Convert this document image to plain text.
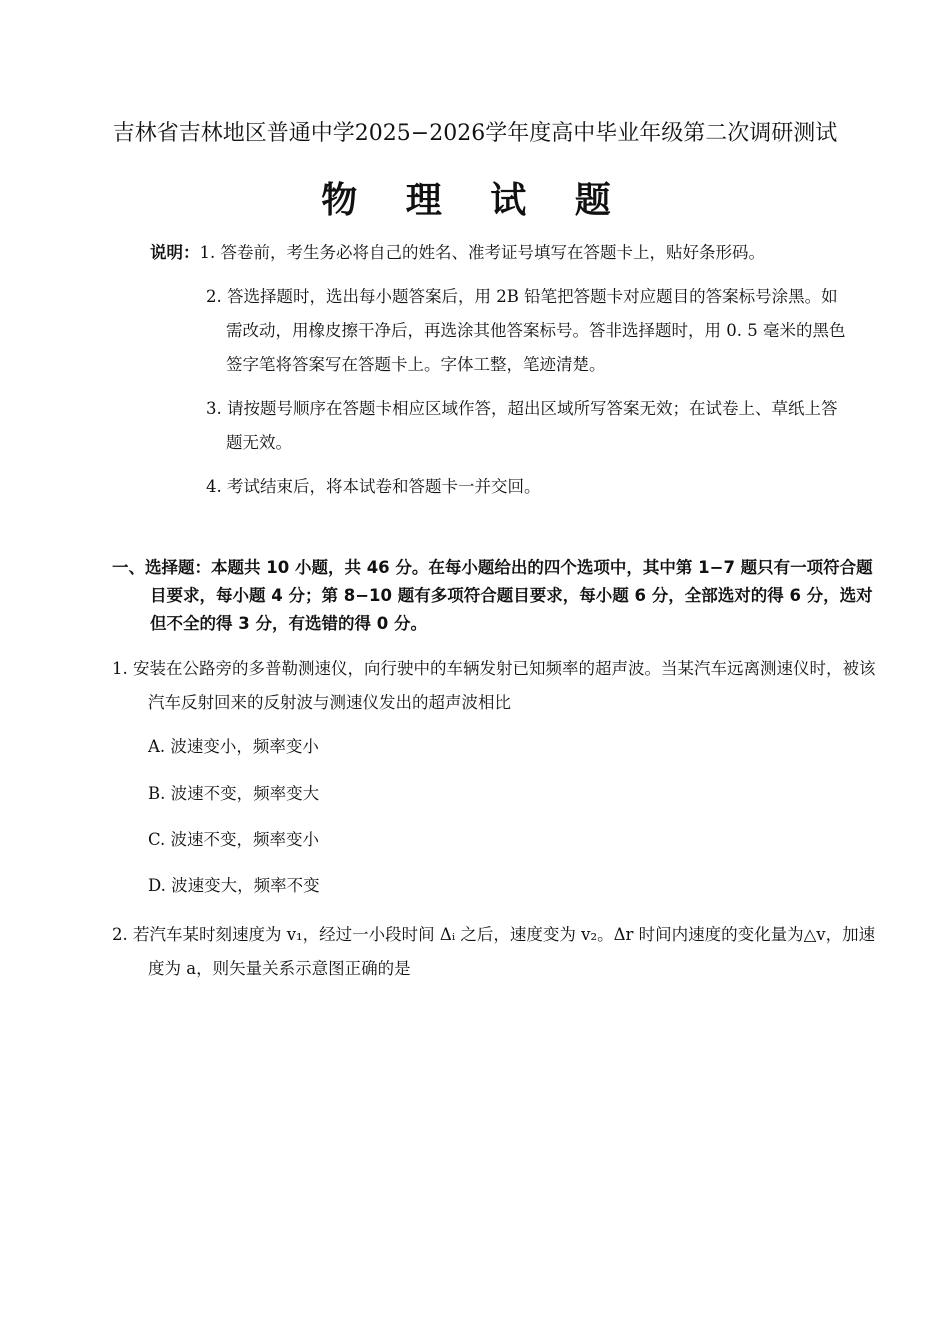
吉林省吉林地区普通中学2025−2026学年度高中毕业年级第二次调研测试
物 理 试 题
说明：1. 答卷前，考生务必将自己的姓名、准考证号填写在答题卡上，贴好条形码。
2. 答选择题时，选出每小题答案后，用 2B 铅笔把答题卡对应题目的答案标号涂黑。如需改动，用橡皮擦干净后，再选涂其他答案标号。答非选择题时，用 0. 5 毫米的黑色签字笔将答案写在答题卡上。字体工整，笔迹清楚。
3. 请按题号顺序在答题卡相应区域作答，超出区域所写答案无效；在试卷上、草纸上答题无效。
4. 考试结束后，将本试卷和答题卡一并交回。
一、选择题：本题共 10 小题，共 46 分。在每小题给出的四个选项中，其中第 1−7 题只有一项符合题目要求，每小题 4 分；第 8−10 题有多项符合题目要求，每小题 6 分，全部选对的得 6 分，选对但不全的得 3 分，有选错的得 0 分。
1. 安装在公路旁的多普勒测速仪，向行驶中的车辆发射已知频率的超声波。当某汽车远离测速仪时，被该汽车反射回来的反射波与测速仪发出的超声波相比
A. 波速变小，频率变小
B. 波速不变，频率变大
C. 波速不变，频率变小
D. 波速变大，频率不变
2. 若汽车某时刻速度为 v₁，经过一小段时间 Δᵢ 之后，速度变为 v₂。Δr 时间内速度的变化量为△v，加速度为 a，则矢量关系示意图正确的是
